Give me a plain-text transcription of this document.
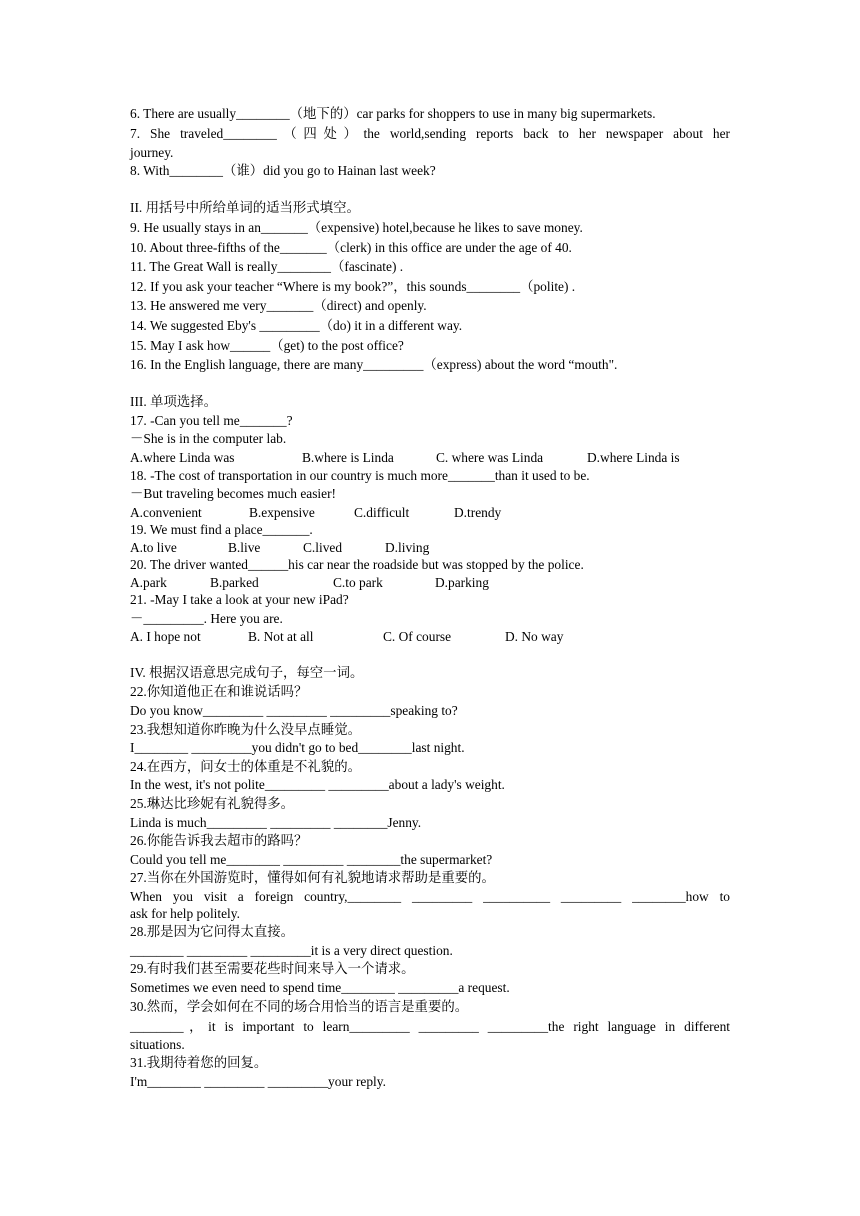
6. There are usually________（地下的）car parks for shoppers to use in many big supermarkets.

7. She traveled________（四处）the world,sending reports back to her newspaper about her

journey.

8. With________（谁）did you go to Hainan last week?

II. 用括号中所给单词的适当形式填空。

9. He usually stays in an_______（expensive) hotel,because he likes to save money.

10. About three-fifths of the_______（clerk) in this office are under the age of 40.

11. The Great Wall is really________（fascinate) .

12. If you ask your teacher “Where is my book?”，this sounds________（polite) .

13. He answered me very_______（direct) and openly.

14. We suggested Eby's _________（do) it in a different way.

15. May I ask how______（get) to the post office?

16. In the English language, there are many_________（express) about the word “mouth".

III. 单项选择。

17. -Can you tell me_______?

－She is in the computer lab.

A.where Linda was	B.where is Linda	C. where was Linda	D.where Linda is

18. -The cost of transportation in our country is much more_______than it used to be.

－But traveling becomes much easier!

A.convenient	B.expensive	C.difficult	D.trendy

19. We must find a place_______.

A.to live	B.live	C.lived	D.living

20. The driver wanted______his car near the roadside but was stopped by the police.

A.park	B.parked	C.to park	D.parking

21. -May I take a look at your new iPad?

－_________. Here you are.

A. I hope not	B. Not at all	C. Of course	D. No way

IV. 根据汉语意思完成句子，每空一词。

22.你知道他正在和谁说话吗？

Do you know_________ _________ _________speaking to?

23.我想知道你昨晚为什么没早点睡觉。

I________ _________you didn't go to bed________last night.

24.在西方，问女士的体重是不礼貌的。

In the west, it's not polite_________ _________about a lady's weight.

25.琳达比珍妮有礼貌得多。

Linda is much_________ _________ ________Jenny.

26.你能告诉我去超市的路吗？

Could you tell me________ _________ ________the supermarket?

27.当你在外国游览时，懂得如何有礼貌地请求帮助是重要的。

When you visit a foreign country,________ _________ __________ _________ ________how to

ask for help politely.

28.那是因为它问得太直接。

________ _________ _________it is a very direct question.

29.有时我们甚至需要花些时间来导入一个请求。

Sometimes we even need to spend time________ _________a request.

30.然而，学会如何在不同的场合用恰当的语言是重要的。

________，it is important to learn_________ _________ _________the right language in different

situations.

31.我期待着您的回复。

I'm________ _________ _________your reply.
